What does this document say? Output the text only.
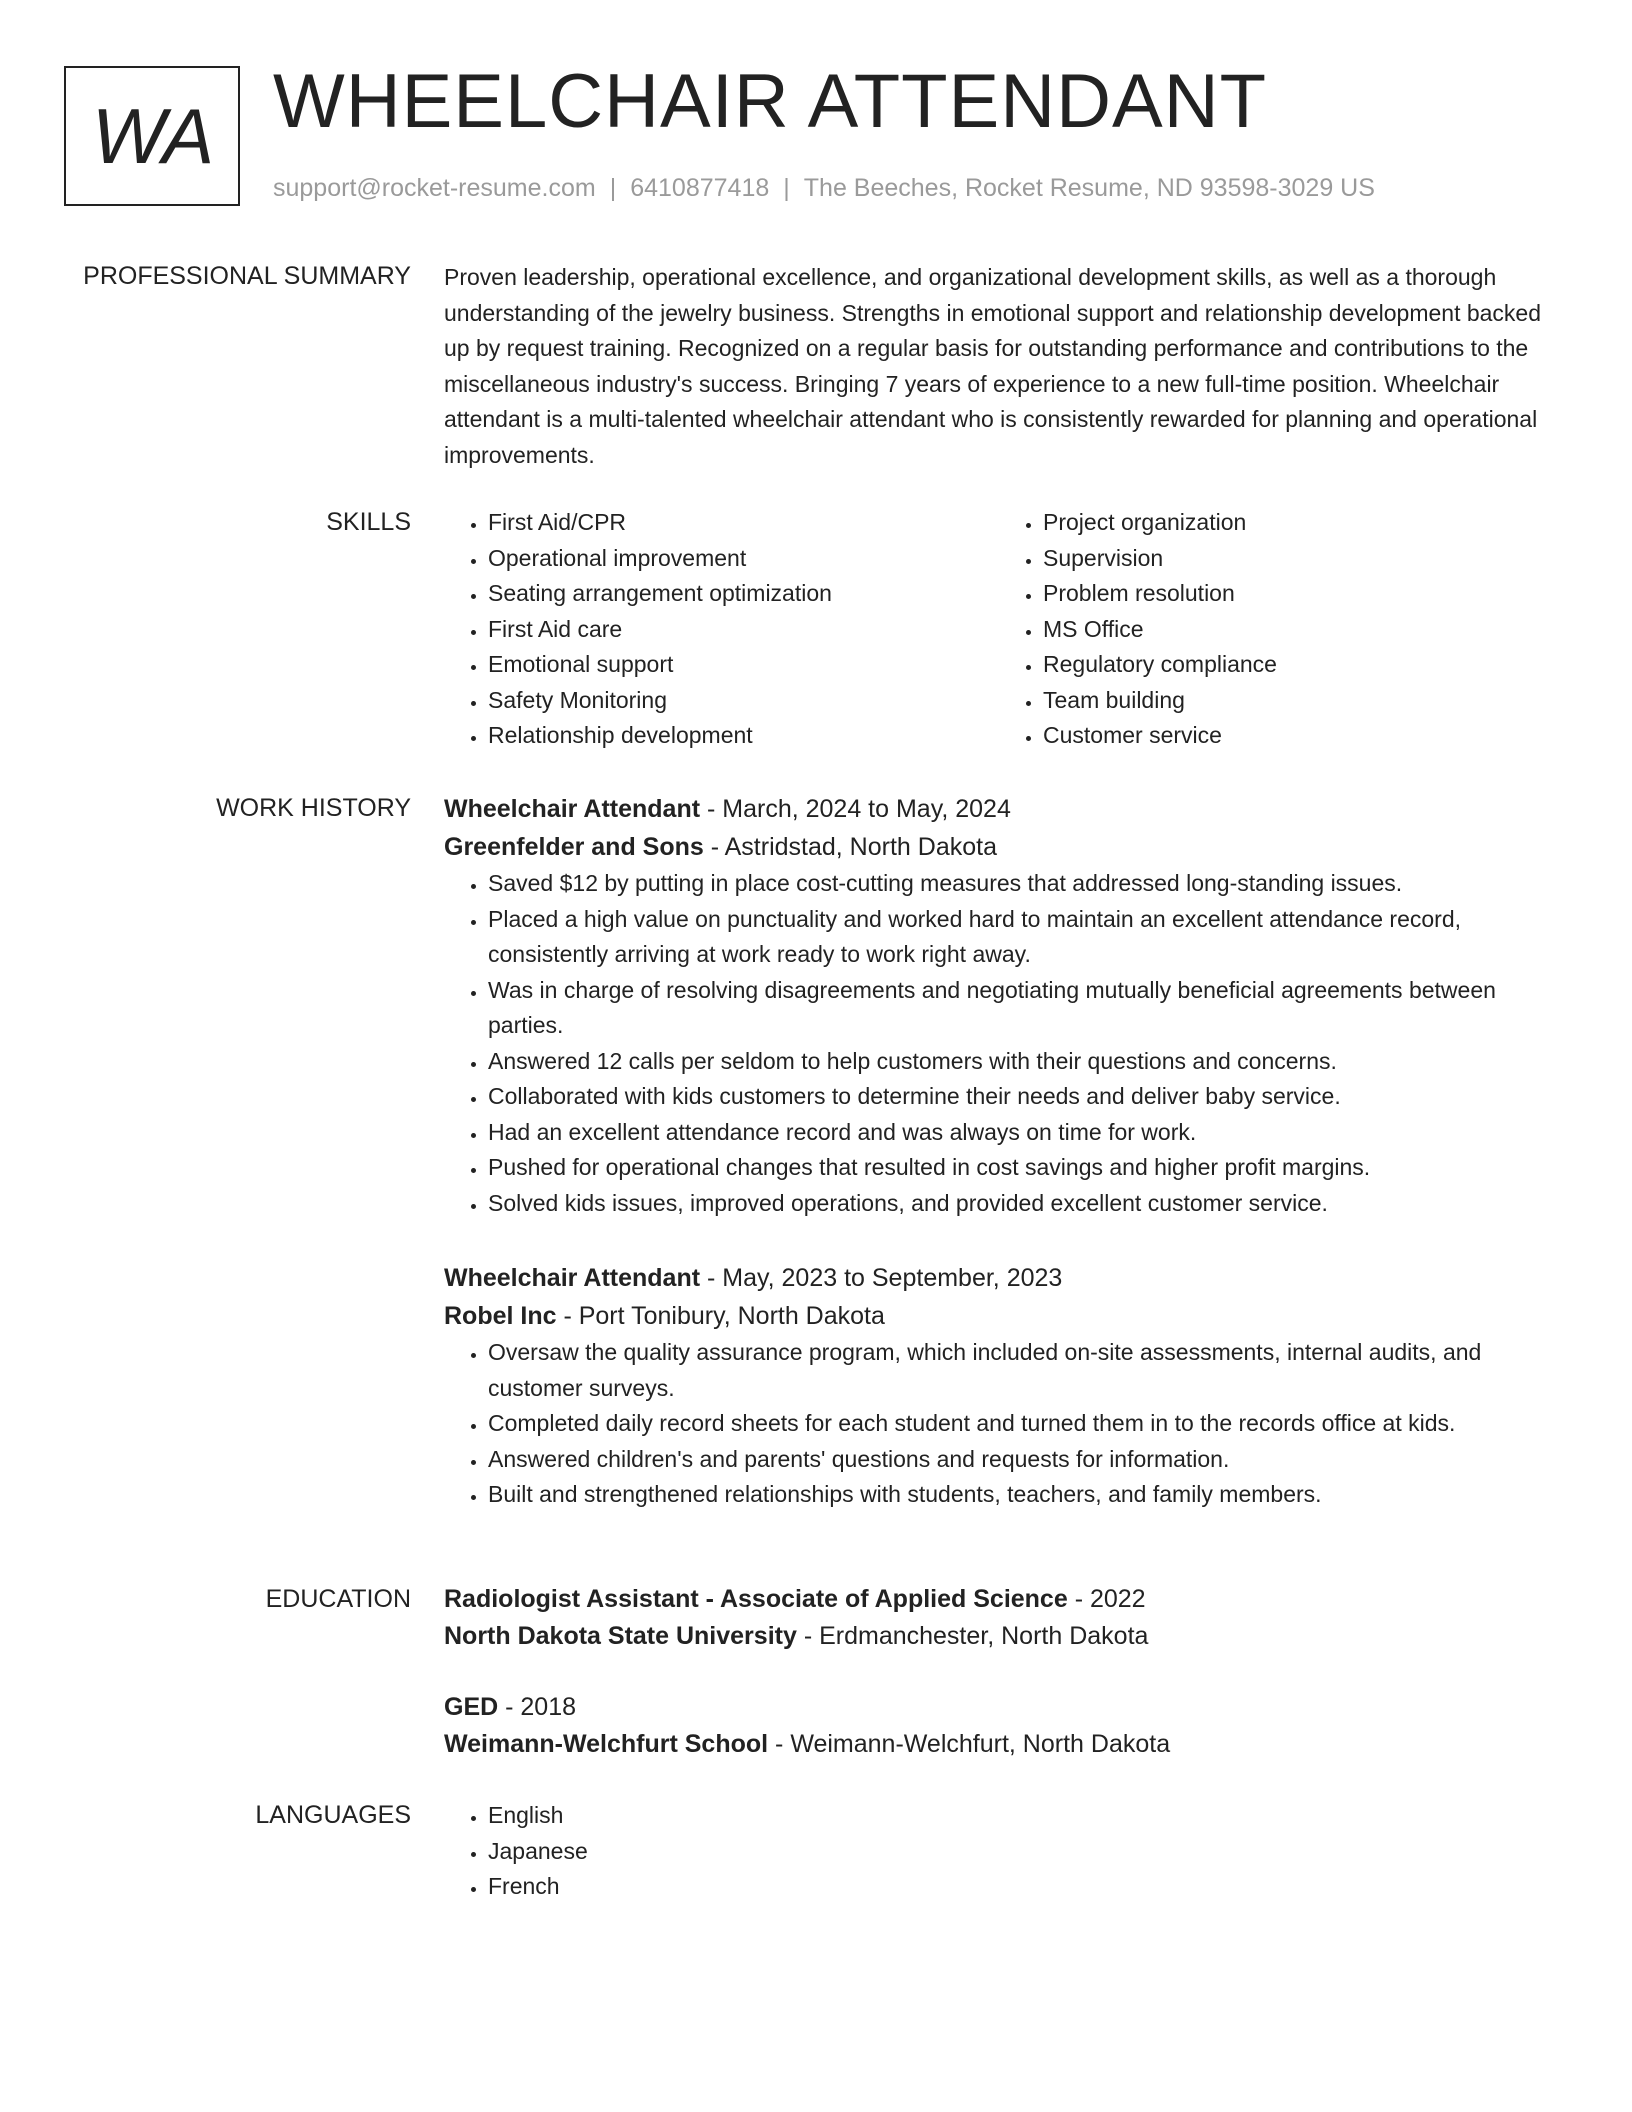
WA WHEELCHAIR ATTENDANT
support@rocket-resume.com | 6410877418 | The Beeches, Rocket Resume, ND 93598-3029 US
PROFESSIONAL SUMMARY Proven leadership, operational excellence, and organizational development skills, as well as a thorough understanding of the jewelry business. Strengths in emotional support and relationship development backed up by request training. Recognized on a regular basis for outstanding performance and contributions to the miscellaneous industry's success. Bringing 7 years of experience to a new full-time position. Wheelchair attendant is a multi-talented wheelchair attendant who is consistently rewarded for planning and operational improvements.

SKILLS	• First Aid/CPR
• Operational improvement
• Seating arrangement optimization
• First Aid care
• Emotional support
• Safety Monitoring
• Relationship development
• Project organization
• Supervision
• Problem resolution
• MS Office
• Regulatory compliance
• Team building
• Customer service
WORK HISTORY Wheelchair Attendant - March, 2024 to May, 2024
Greenfelder and Sons - Astridstad, North Dakota
• Saved $12 by putting in place cost-cutting measures that addressed long-standing issues.
• Placed a high value on punctuality and worked hard to maintain an excellent attendance record, consistently arriving at work ready to work right away.
• Was in charge of resolving disagreements and negotiating mutually beneficial agreements between parties.
• Answered 12 calls per seldom to help customers with their questions and concerns.
• Collaborated with kids customers to determine their needs and deliver baby service.
• Had an excellent attendance record and was always on time for work.
• Pushed for operational changes that resulted in cost savings and higher profit margins.
• Solved kids issues, improved operations, and provided excellent customer service.
Wheelchair Attendant - May, 2023 to September, 2023
Robel Inc - Port Tonibury, North Dakota
• Oversaw the quality assurance program, which included on-site assessments, internal audits, and customer surveys.
• Completed daily record sheets for each student and turned them in to the records office at kids.
• Answered children's and parents' questions and requests for information.
• Built and strengthened relationships with students, teachers, and family members.
EDUCATION Radiologist Assistant - Associate of Applied Science - 2022
North Dakota State University - Erdmanchester, North Dakota
GED - 2018
Weimann-Welchfurt School - Weimann-Welchfurt, North Dakota
LANGUAGES	• English
• Japanese
• French
